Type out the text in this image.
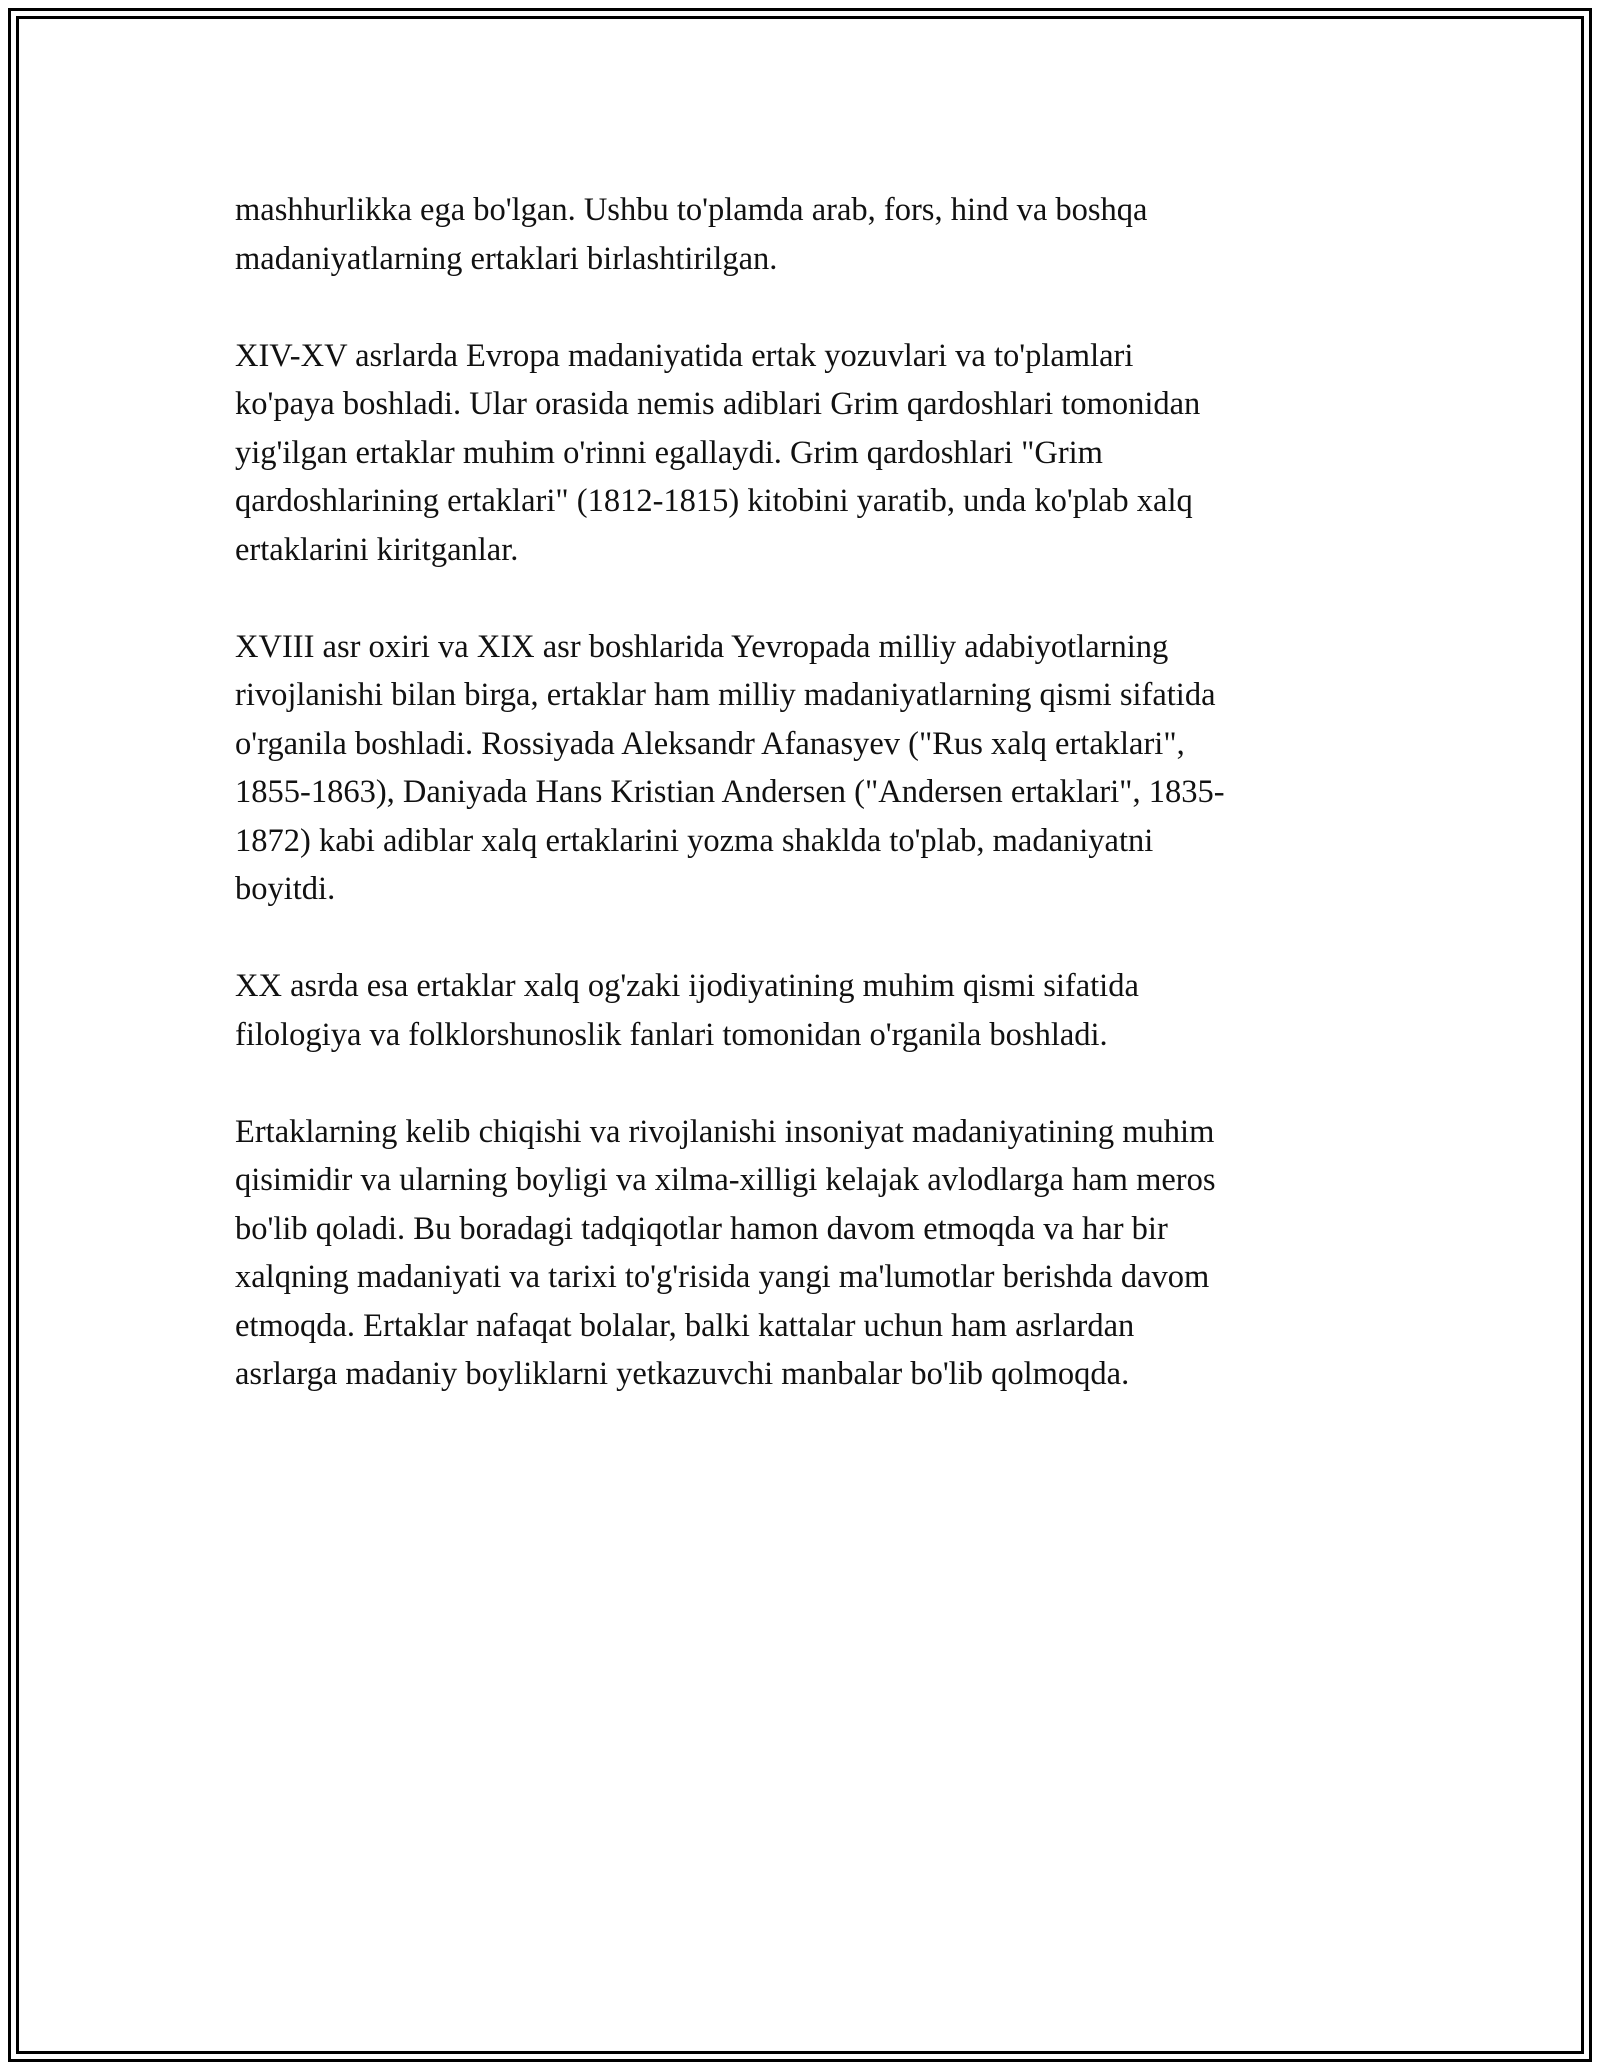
mashhurlikka ega bo'lgan. Ushbu to'plamda arab, fors, hind va boshqa
madaniyatlarning ertaklari birlashtirilgan.

XIV-XV asrlarda Evropa madaniyatida ertak yozuvlari va to'plamlari
ko'paya boshladi. Ular orasida nemis adiblari Grim qardoshlari tomonidan
yig'ilgan ertaklar muhim o'rinni egallaydi. Grim qardoshlari "Grim
qardoshlarining ertaklari" (1812-1815) kitobini yaratib, unda ko'plab xalq
ertaklarini kiritganlar.

XVIII asr oxiri va XIX asr boshlarida Yevropada milliy adabiyotlarning
rivojlanishi bilan birga, ertaklar ham milliy madaniyatlarning qismi sifatida
o'rganila boshladi. Rossiyada Aleksandr Afanasyev ("Rus xalq ertaklari",
1855-1863), Daniyada Hans Kristian Andersen ("Andersen ertaklari", 1835-
1872) kabi adiblar xalq ertaklarini yozma shaklda to'plab, madaniyatni
boyitdi.

XX asrda esa ertaklar xalq og'zaki ijodiyatining muhim qismi sifatida
filologiya va folklorshunoslik fanlari tomonidan o'rganila boshladi.

Ertaklarning kelib chiqishi va rivojlanishi insoniyat madaniyatining muhim
qisimidir va ularning boyligi va xilma-xilligi kelajak avlodlarga ham meros
bo'lib qoladi. Bu boradagi tadqiqotlar hamon davom etmoqda va har bir
xalqning madaniyati va tarixi to'g'risida yangi ma'lumotlar berishda davom
etmoqda. Ertaklar nafaqat bolalar, balki kattalar uchun ham asrlardan
asrlarga madaniy boyliklarni yetkazuvchi manbalar bo'lib qolmoqda.
